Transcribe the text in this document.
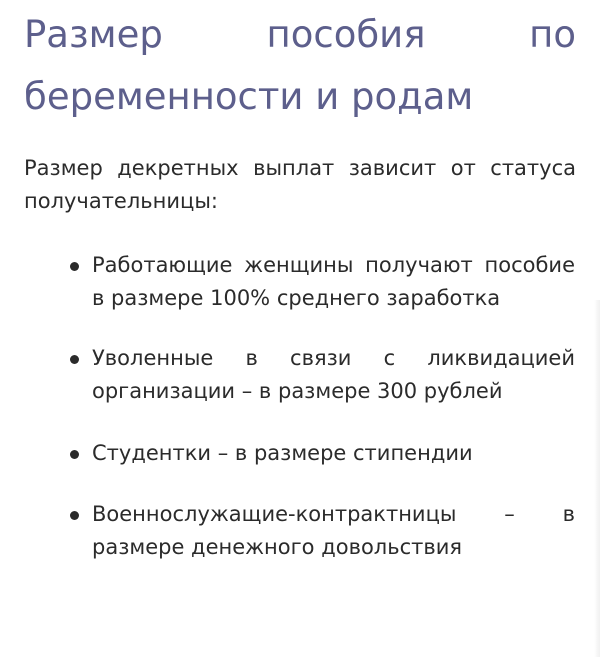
Размер	пособия	по
беременности и родам

Размер декретных выплат зависит от статуса получательницы:

Работающие женщины получают пособие в размере 100% среднего заработка
Уволенные в связи с ликвидацией организации – в размере 300 рублей
Студентки – в размере стипендии
Военнослужащие-контрактницы – в размере денежного довольствия
